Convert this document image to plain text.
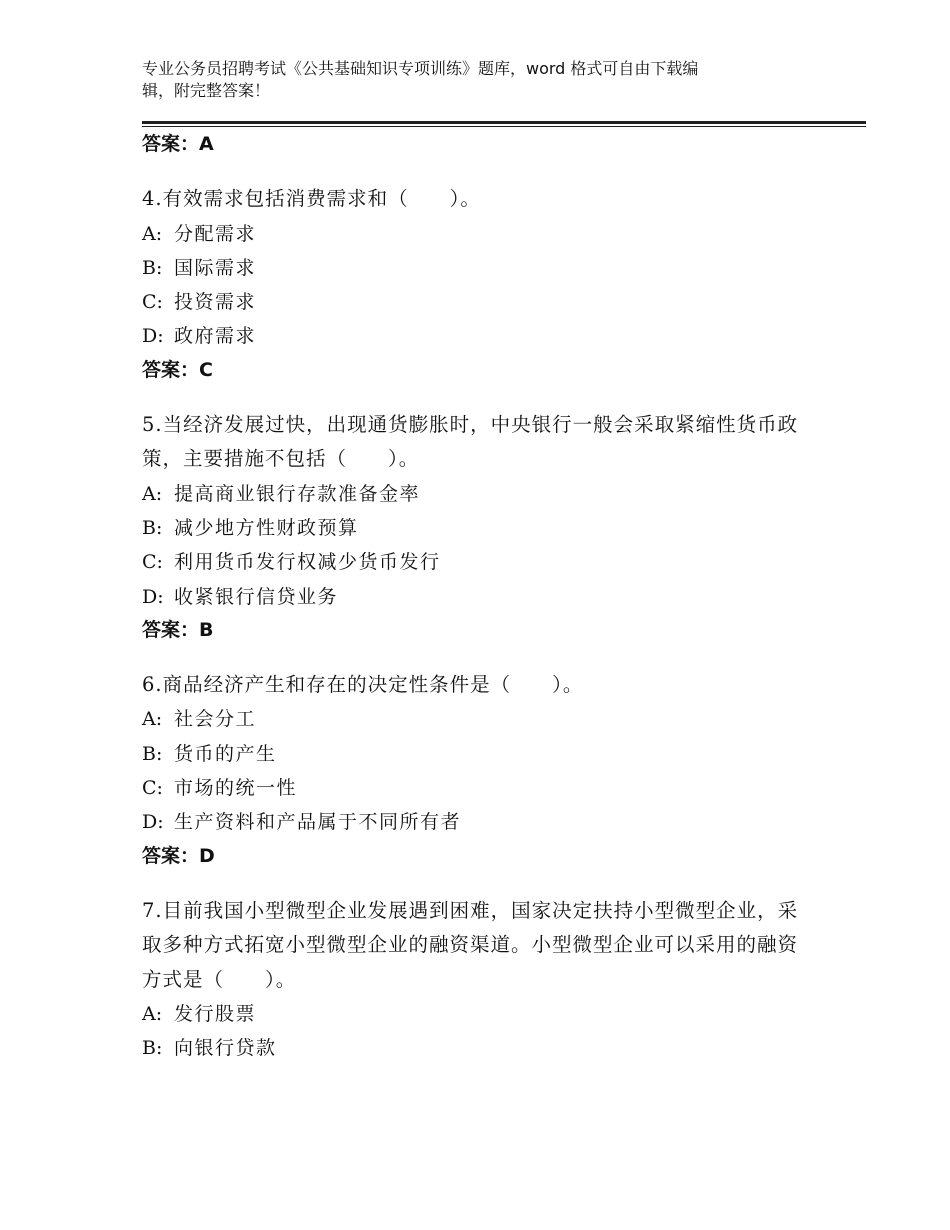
专业公务员招聘考试《公共基础知识专项训练》题库，word 格式可自由下载编
辑，附完整答案！

答案：A

4.有效需求包括消费需求和（　　）。

A: 分配需求

B: 国际需求

C: 投资需求

D: 政府需求

答案：C

5.当经济发展过快，出现通货膨胀时，中央银行一般会采取紧缩性货币政策，主要措施不包括（　　）。

A: 提高商业银行存款准备金率

B: 减少地方性财政预算

C: 利用货币发行权减少货币发行

D: 收紧银行信贷业务

答案：B

6.商品经济产生和存在的决定性条件是（　　）。

A: 社会分工

B: 货币的产生

C: 市场的统一性

D: 生产资料和产品属于不同所有者

答案：D

7.目前我国小型微型企业发展遇到困难，国家决定扶持小型微型企业，采取多种方式拓宽小型微型企业的融资渠道。小型微型企业可以采用的融资方式是（　　）。

A: 发行股票

B: 向银行贷款
